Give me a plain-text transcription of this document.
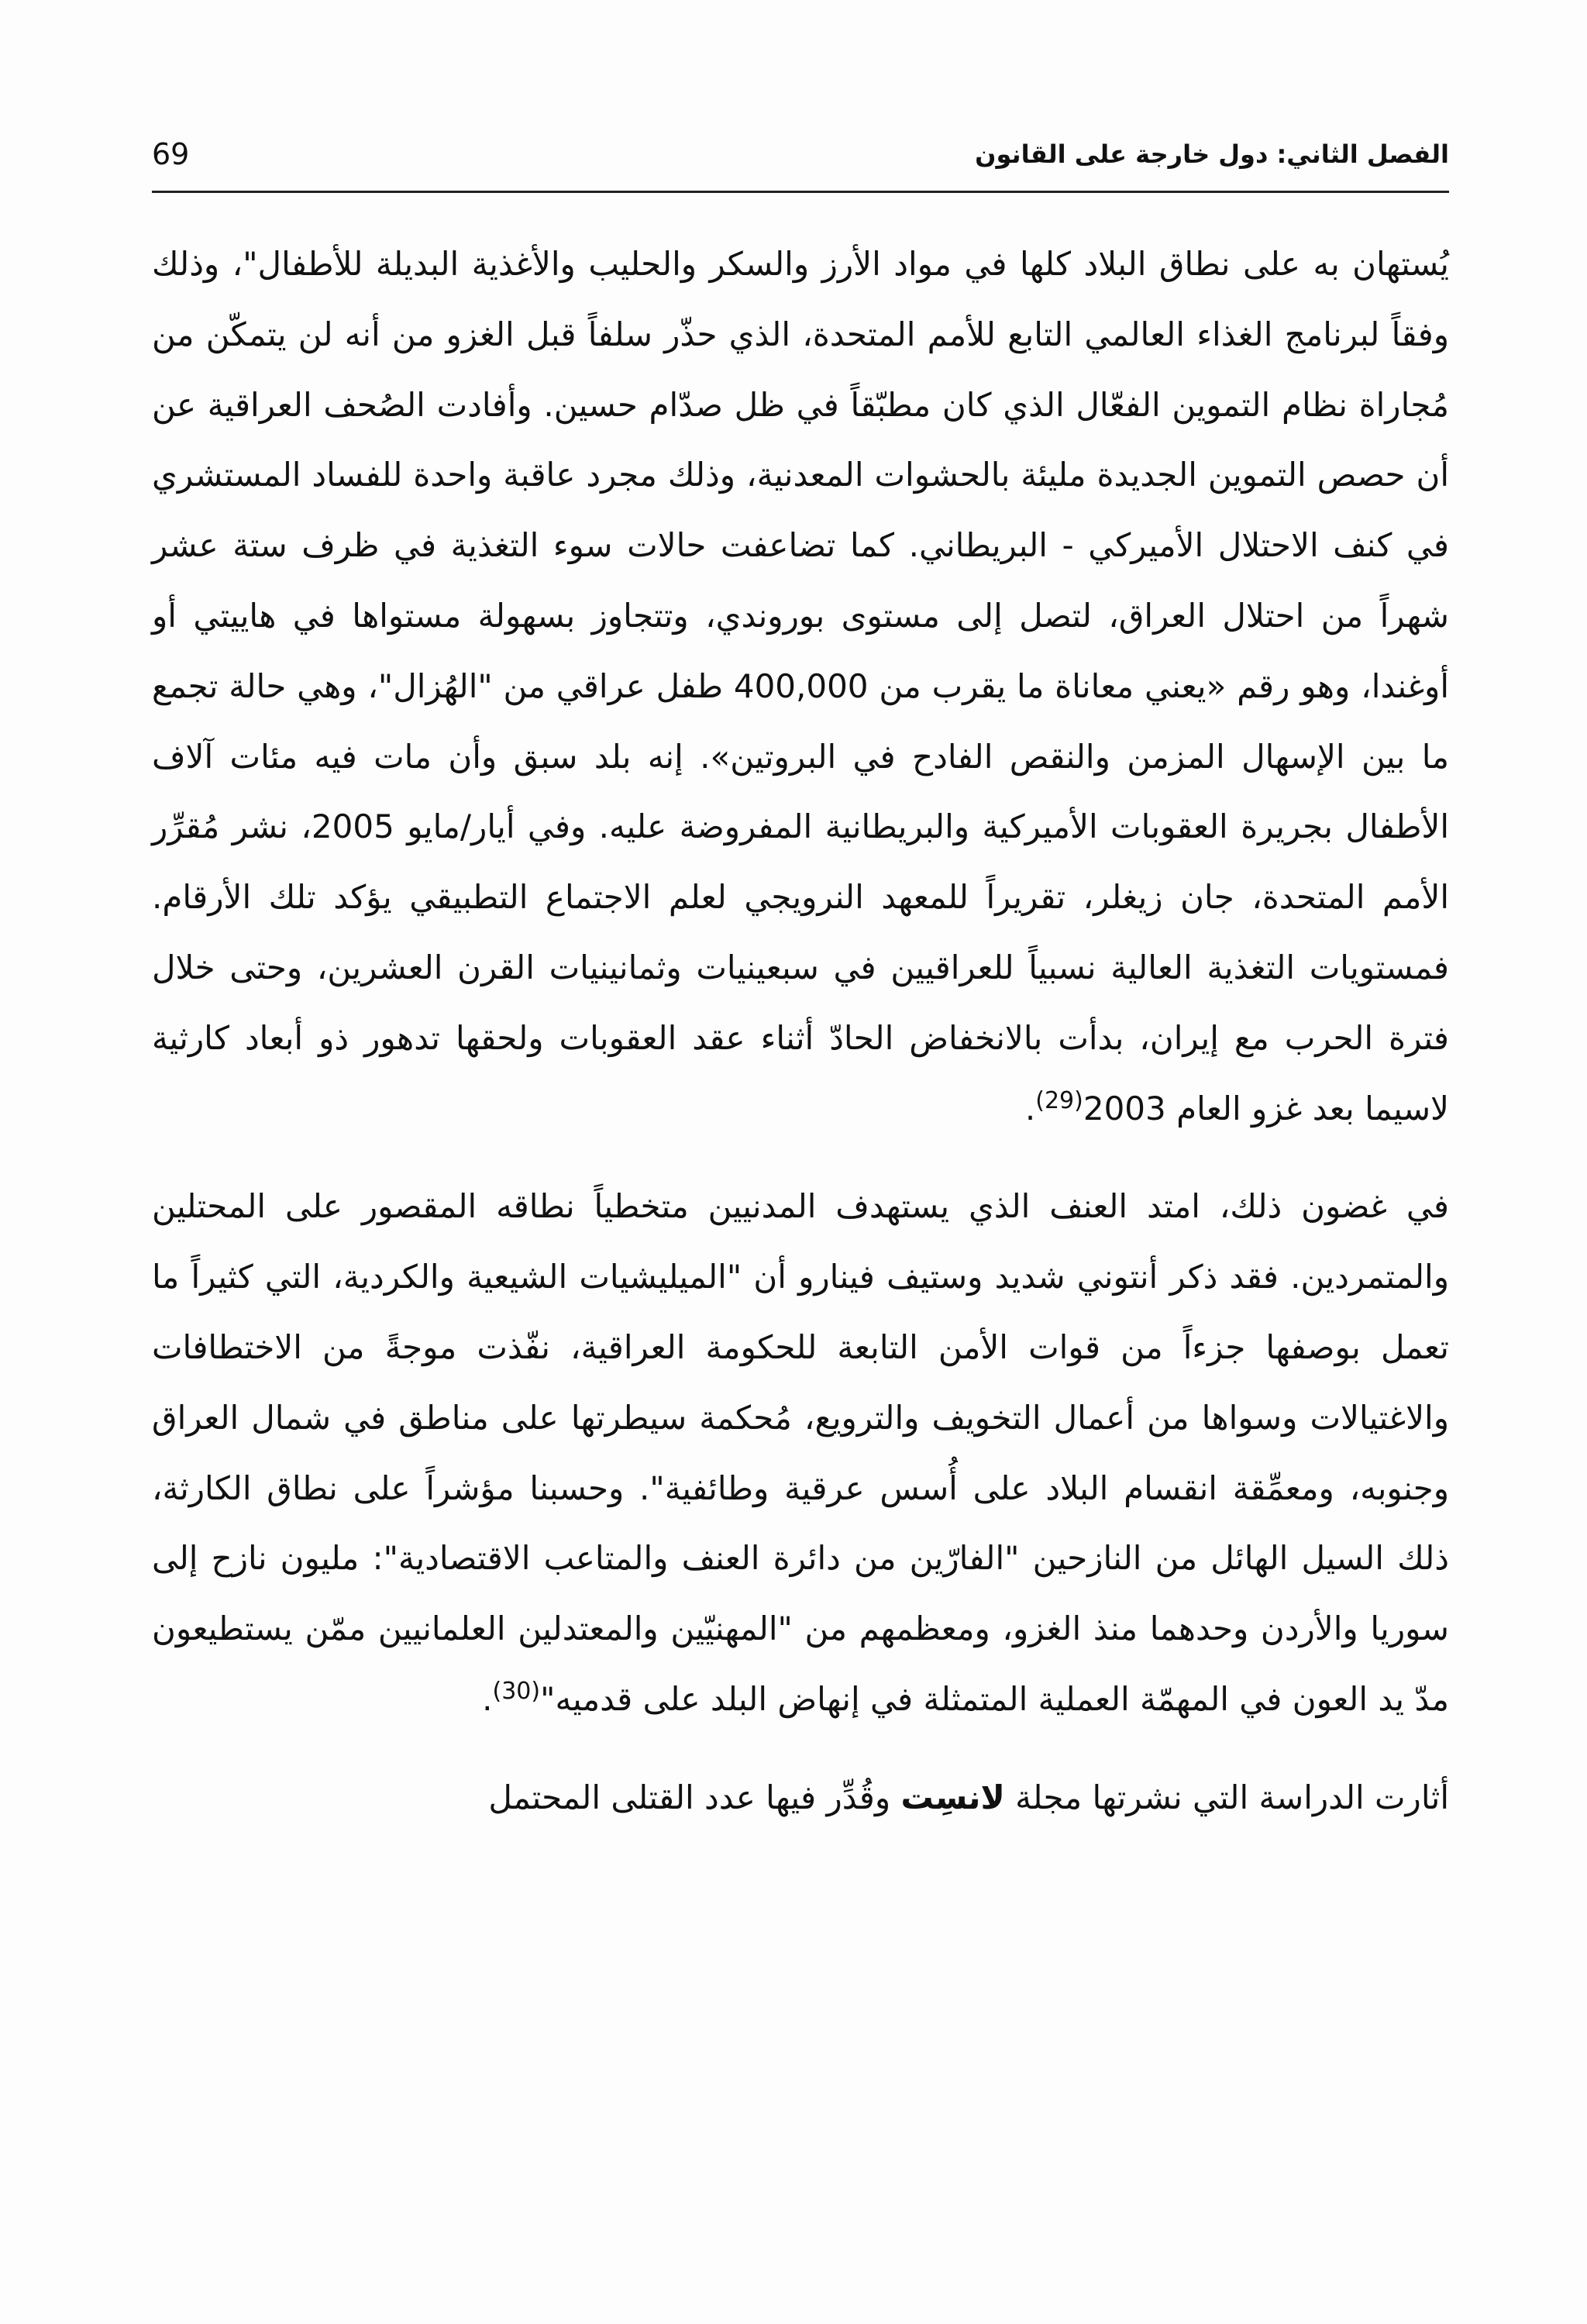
الفصل الثاني: دول خارجة على القانون
69

يُستهان به على نطاق البلاد كلها في مواد الأرز والسكر والحليب والأغذية البديلة للأطفال"، وذلك وفقاً لبرنامج الغذاء العالمي التابع للأمم المتحدة، الذي حذّر سلفاً قبل الغزو من أنه لن يتمكّن من مُجاراة نظام التموين الفعّال الذي كان مطبّقاً في ظل صدّام حسين. وأفادت الصُحف العراقية عن أن حصص التموين الجديدة مليئة بالحشوات المعدنية، وذلك مجرد عاقبة واحدة للفساد المستشري في كنف الاحتلال الأميركي - البريطاني. كما تضاعفت حالات سوء التغذية في ظرف ستة عشر شهراً من احتلال العراق، لتصل إلى مستوى بوروندي، وتتجاوز بسهولة مستواها في هاييتي أو أوغندا، وهو رقم «يعني معاناة ما يقرب من 400,000 طفل عراقي من "الهُزال"، وهي حالة تجمع ما بين الإسهال المزمن والنقص الفادح في البروتين». إنه بلد سبق وأن مات فيه مئات آلاف الأطفال بجريرة العقوبات الأميركية والبريطانية المفروضة عليه. وفي أيار/مايو 2005، نشر مُقرِّر الأمم المتحدة، جان زيغلر، تقريراً للمعهد النرويجي لعلم الاجتماع التطبيقي يؤكد تلك الأرقام. فمستويات التغذية العالية نسبياً للعراقيين في سبعينيات وثمانينيات القرن العشرين، وحتى خلال فترة الحرب مع إيران، بدأت بالانخفاض الحادّ أثناء عقد العقوبات ولحقها تدهور ذو أبعاد كارثية لاسيما بعد غزو العام 2003$^{(29)}$.

في غضون ذلك، امتد العنف الذي يستهدف المدنيين متخطياً نطاقه المقصور على المحتلين والمتمردين. فقد ذكر أنتوني شديد وستيف فينارو أن "الميليشيات الشيعية والكردية، التي كثيراً ما تعمل بوصفها جزءاً من قوات الأمن التابعة للحكومة العراقية، نفّذت موجةً من الاختطافات والاغتيالات وسواها من أعمال التخويف والترويع، مُحكمة سيطرتها على مناطق في شمال العراق وجنوبه، ومعمِّقة انقسام البلاد على أُسس عرقية وطائفية". وحسبنا مؤشراً على نطاق الكارثة، ذلك السيل الهائل من النازحين "الفارّين من دائرة العنف والمتاعب الاقتصادية": مليون نازح إلى سوريا والأردن وحدهما منذ الغزو، ومعظمهم من "المهنيّين والمعتدلين العلمانيين ممّن يستطيعون مدّ يد العون في المهمّة العملية المتمثلة في إنهاض البلد على قدميه"$^{(30)}$.

أثارت الدراسة التي نشرتها مجلة لانسِت وقُدِّر فيها عدد القتلى المحتمل
